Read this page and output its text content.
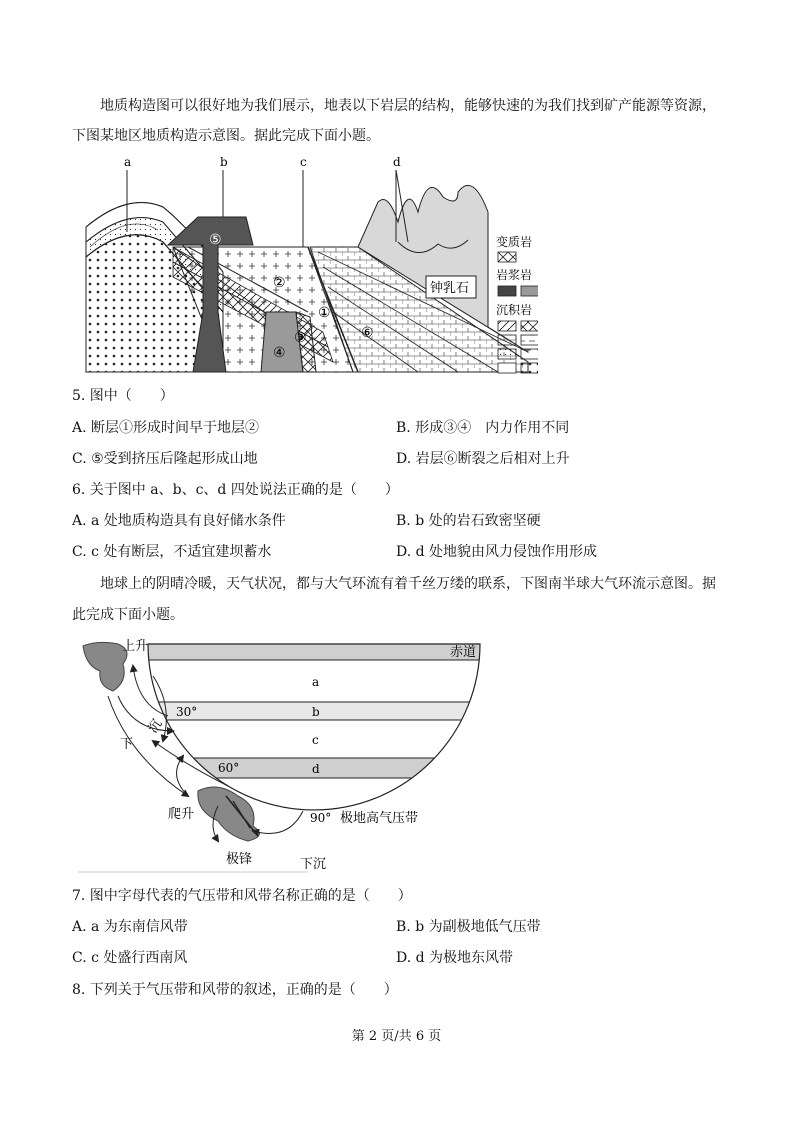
地质构造图可以很好地为我们展示，地表以下岩层的结构，能够快速的为我们找到矿产能源等资源，
下图某地区地质构造示意图。据此完成下面小题。
a	b	c	d
⑤
②
①
⑥
③
④
钟乳石
变质岩
岩浆岩
沉积岩
5. 图中（　　）
A. 断层①形成时间早于地层②	B. 形成③④　内力作用不同
C. ⑤受到挤压后隆起形成山地	D. 岩层⑥断裂之后相对上升
6. 关于图中 a、b、c、d 四处说法正确的是（　　）
A. a 处地质构造具有良好储水条件	B. b 处的岩石致密坚硬
C. c 处有断层，不适宜建坝蓄水	D. d 处地貌由风力侵蚀作用形成
地球上的阴晴冷暖，天气状况，都与大气环流有着千丝万缕的联系，下图南半球大气环流示意图。据
此完成下面小题。
赤道
上升
沉
下
30°
60°
90° 极地高气压带
爬升
极锋	下沉
a
b
c
d
7. 图中字母代表的气压带和风带名称正确的是（　　）
A. a 为东南信风带	B. b 为副极地低气压带
C. c 处盛行西南风	D. d 为极地东风带
8. 下列关于气压带和风带的叙述，正确的是（　　）
第 2 页/共 6 页
